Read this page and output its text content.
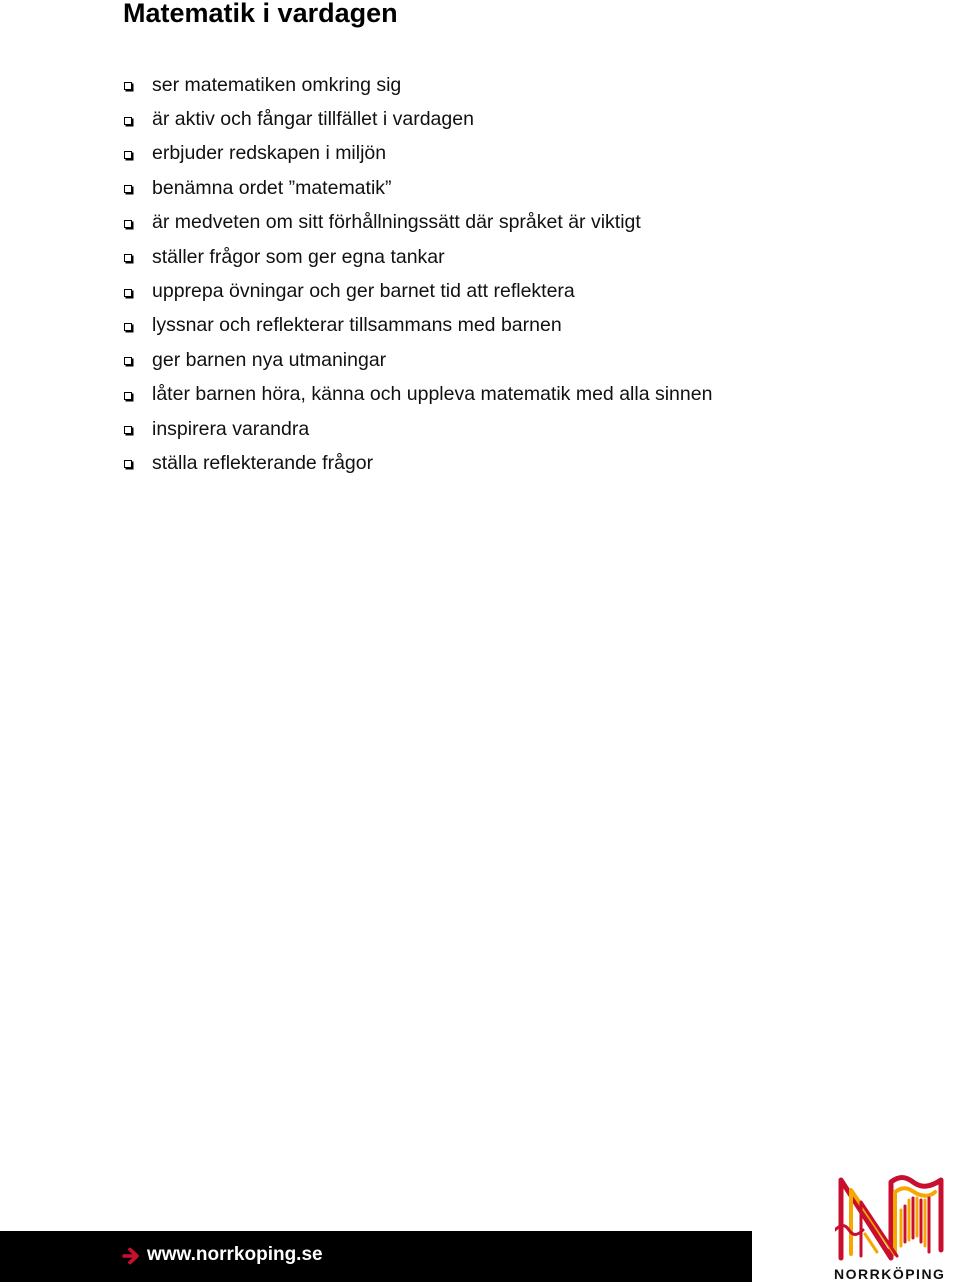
Matematik i vardagen
ser matematiken omkring sig
är aktiv och fångar tillfället i vardagen
erbjuder redskapen i miljön
benämna ordet ”matematik”
är medveten om sitt förhållningssätt där språket är viktigt
ställer frågor som ger egna tankar
upprepa övningar och ger barnet tid att reflektera
lyssnar och reflekterar tillsammans med barnen
ger barnen nya utmaningar
låter barnen höra, känna och uppleva matematik med alla sinnen
inspirera varandra
ställa reflekterande frågor
www.norrkoping.se
NORRKÖPING
